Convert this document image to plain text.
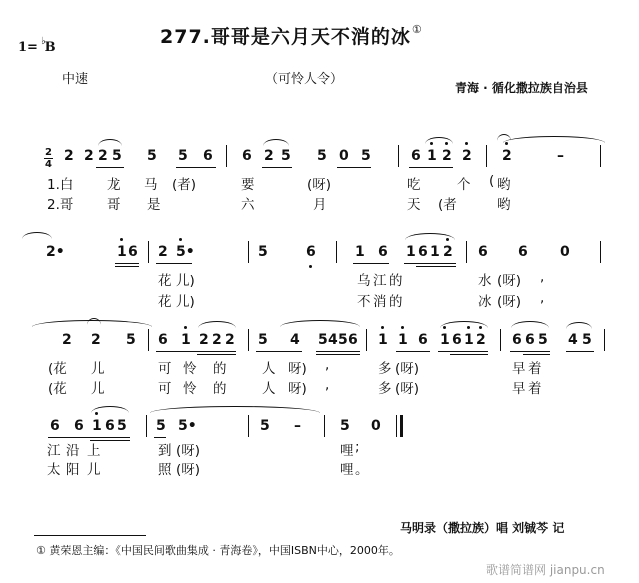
277.哥哥是六月天不消的冰①
1= ♭B
中速	（可怜人令）
青海 · 循化撒拉族自治县
2
4
2 2 2 5 5 5 6 6 2 5 5 0 5	6 1 2 2 2	–
1.白 龙 马 (者)	要	(呀)	吃	个 ( 哟
2.哥 哥 是	六	月	天 (者	哟
2•	1 6 2 5•	5	6	1 6 1 6 1 2 6 6 0
花 儿)	乌 江 的	水 (呀) ,
花 儿)	不 消 的	冰 (呀) ,
2 2 5 6 1 2 2 2 5 4 5 4 5 6 1 1 6 1 6 1 2 6 6 5 4 5
(花 儿	可 怜 的	人 呀) ,	多 (呀)	早 着
(花 儿	可 怜 的	人 呀) ,	多 (呀)	早 着
6 6 1 6 5 5 5•	5 –	5 0
江 沿 上	到 (呀)	哩 ;
太 阳 儿	照 (呀)	哩 。
马明录（撒拉族）唱 刘铖芩 记
① 黄荣恩主编：《中国民间歌曲集成 · 青海卷》，中国ISBN中心，2000年。
歌谱简谱网 jianpu.cn
